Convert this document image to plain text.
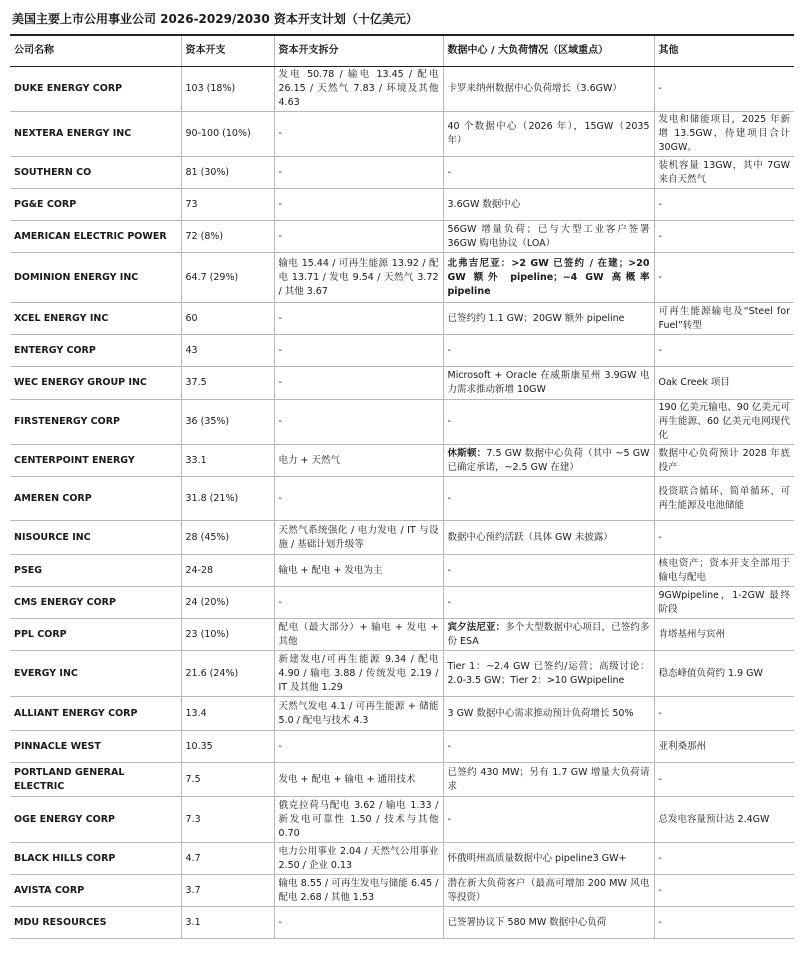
美国主要上市公用事业公司 2026-2029/2030 资本开支计划（十亿美元）
公司名称	资本开支	资本开支拆分	数据中心 / 大负荷情况（区域重点）	其他
DUKE ENERGY CORP	103 (18%)	发电 50.78 / 输电 13.45 / 配电 26.15 / 天然气 7.83 / 环境及其他 4.63	卡罗来纳州数据中心负荷增长（3.6GW）	-
NEXTERA ENERGY INC	90-100 (10%)	-	40 个数据中心（2026 年），15GW（2035 年）	发电和储能项目，2025 年新增 13.5GW，待建项目合计 30GW。
SOUTHERN CO	81 (30%)	-	-	装机容量 13GW，其中 7GW 来自天然气
PG&E CORP	73	-	3.6GW 数据中心	-
AMERICAN ELECTRIC POWER	72 (8%)	-	56GW 增量负荷；已与大型工业客户签署 36GW 购电协议（LOA）	-
DOMINION ENERGY INC	64.7 (29%)	输电 15.44 / 可再生能源 13.92 / 配电 13.71 / 发电 9.54 / 天然气 3.72 / 其他 3.67	北弗吉尼亚：>2 GW 已签约 / 在建；>20 GW 额外 pipeline；~4 GW 高概率 pipeline	-
XCEL ENERGY INC	60	-	已签约约 1.1 GW；20GW 额外 pipeline	可再生能源输电及“Steel for Fuel”转型
ENTERGY CORP	43	-	-	-
WEC ENERGY GROUP INC	37.5	-	Microsoft + Oracle 在威斯康星州 3.9GW 电力需求推动新增 10GW	Oak Creek 项目
FIRSTENERGY CORP	36 (35%)	-	-	190 亿美元输电、90 亿美元可再生能源、60 亿美元电网现代化
CENTERPOINT ENERGY	33.1	电力 + 天然气	休斯顿：7.5 GW 数据中心负荷（其中 ~5 GW 已确定承诺，~2.5 GW 在建）	数据中心负荷预计 2028 年底投产
AMEREN CORP	31.8 (21%)	-	-	投资联合循环、简单循环、可再生能源及电池储能
NISOURCE INC	28 (45%)	天然气系统强化 / 电力发电 / IT 与设施 / 基础计划升级等	数据中心预约活跃（具体 GW 未披露）	-
PSEG	24-28	输电 + 配电 + 发电为主	-	核电资产；资本开支全部用于输电与配电
CMS ENERGY CORP	24 (20%)	-	-	9GWpipeline，1-2GW 最终阶段
PPL CORP	23 (10%)	配电（最大部分）+ 输电 + 发电 + 其他	宾夕法尼亚：多个大型数据中心项目，已签约多份 ESA	肯塔基州与宾州
EVERGY INC	21.6 (24%)	新建发电/可再生能源 9.34 / 配电 4.90 / 输电 3.88 / 传统发电 2.19 / IT 及其他 1.29	Tier 1：~2.4 GW 已签约/运营；高级讨论：2.0-3.5 GW；Tier 2：>10 GWpipeline	稳态峰值负荷约 1.9 GW
ALLIANT ENERGY CORP	13.4	天然气发电 4.1 / 可再生能源 + 储能 5.0 / 配电与技术 4.3	3 GW 数据中心需求推动预计负荷增长 50%	-
PINNACLE WEST	10.35	-	-	亚利桑那州
PORTLAND GENERAL ELECTRIC	7.5	发电 + 配电 + 输电 + 通用技术	已签约 430 MW；另有 1.7 GW 增量大负荷请求	-
OGE ENERGY CORP	7.3	俄克拉荷马配电 3.62 / 输电 1.33 / 新发电可靠性 1.50 / 技术与其他 0.70	-	总发电容量预计达 2.4GW
BLACK HILLS CORP	4.7	电力公用事业 2.04 / 天然气公用事业 2.50 / 企业 0.13	怀俄明州高质量数据中心 pipeline3 GW+	-
AVISTA CORP	3.7	输电 8.55 / 可再生发电与储能 6.45 / 配电 2.68 / 其他 1.53	潜在新大负荷客户（最高可增加 200 MW 风电等投资）	-
MDU RESOURCES	3.1	-	已签署协议下 580 MW 数据中心负荷	-
